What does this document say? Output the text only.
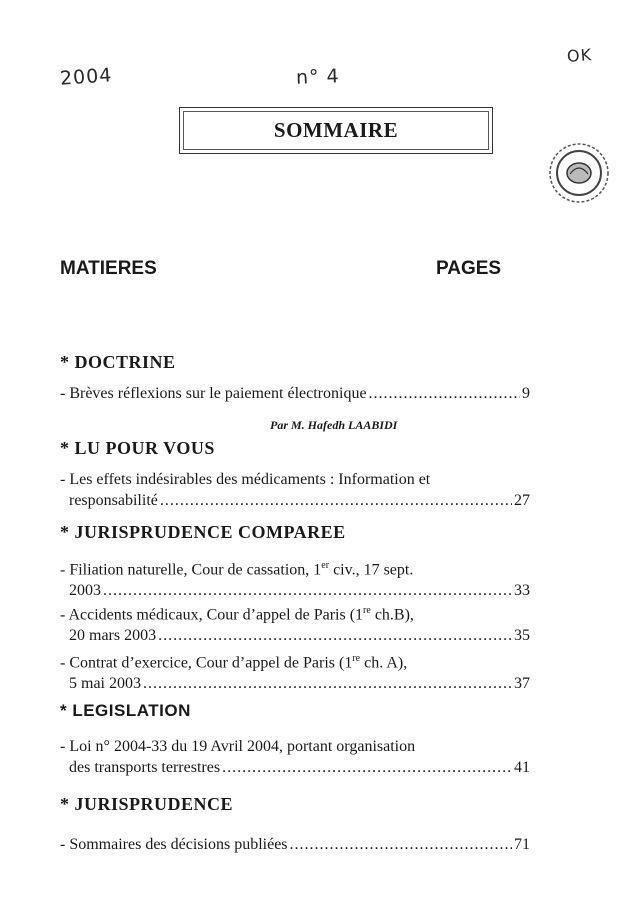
2004	n° 4
OK
SOMMAIRE
MATIERES	PAGES
* DOCTRINE
- Brèves réflexions sur le paiement électronique .....	9
Par M. Hafedh LAABIDI
* LU POUR VOUS
- Les effets indésirables des médicaments : Information et
responsabilité .....	27
* JURISPRUDENCE COMPAREE
- Filiation naturelle, Cour de cassation, 1er civ., 17 sept.
2003 .....	33
- Accidents médicaux, Cour d’appel de Paris (1re ch.B),
20 mars 2003 .....	35
- Contrat d’exercice, Cour d’appel de Paris (1re ch. A),
5 mai 2003 .....	37
* LEGISLATION
- Loi n° 2004-33 du 19 Avril 2004, portant organisation
des transports terrestres .....	41
* JURISPRUDENCE
- Sommaires des décisions publiées .....	71
